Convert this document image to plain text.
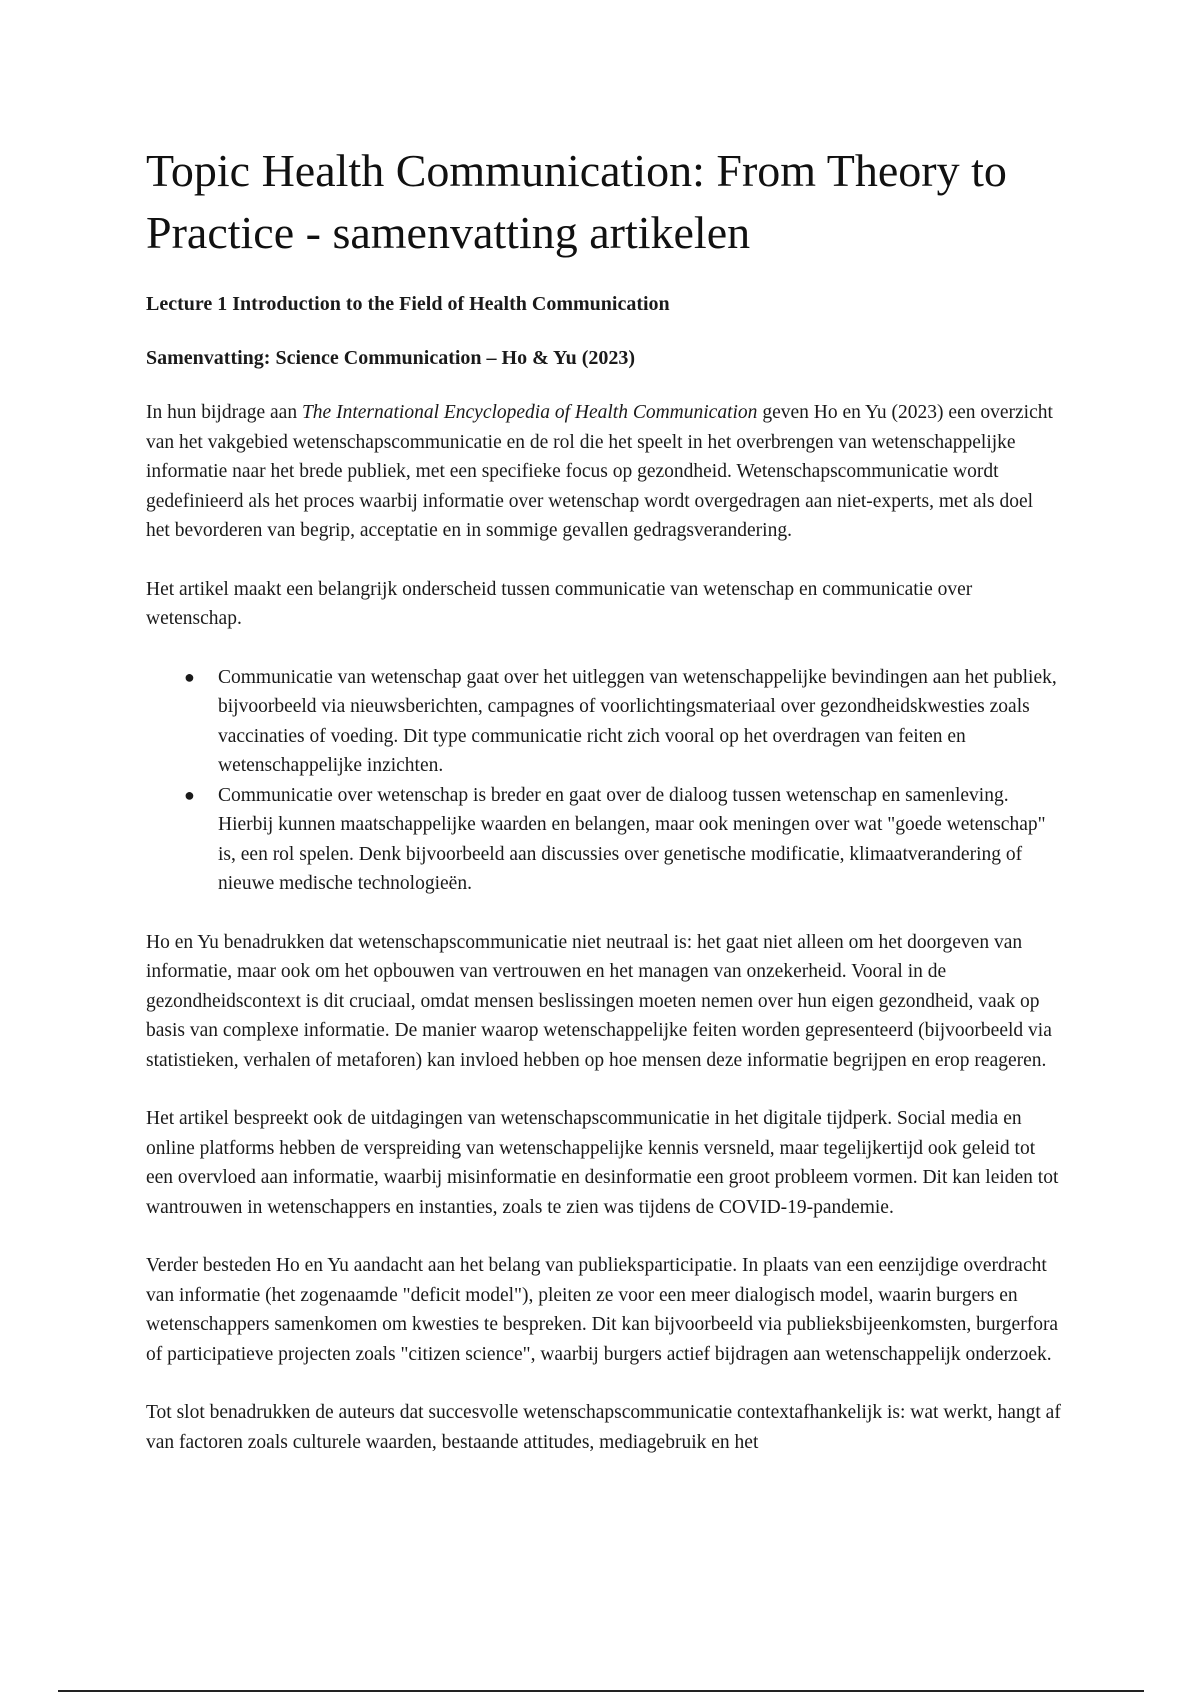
Topic Health Communication: From Theory to Practice - samenvatting artikelen
Lecture 1 Introduction to the Field of Health Communication
Samenvatting: Science Communication – Ho & Yu (2023)

In hun bijdrage aan The International Encyclopedia of Health Communication geven Ho en Yu (2023) een overzicht van het vakgebied wetenschapscommunicatie en de rol die het speelt in het overbrengen van wetenschappelijke informatie naar het brede publiek, met een specifieke focus op gezondheid. Wetenschapscommunicatie wordt gedefinieerd als het proces waarbij informatie over wetenschap wordt overgedragen aan niet-experts, met als doel het bevorderen van begrip, acceptatie en in sommige gevallen gedragsverandering.

Het artikel maakt een belangrijk onderscheid tussen communicatie van wetenschap en communicatie over wetenschap.

● Communicatie van wetenschap gaat over het uitleggen van wetenschappelijke bevindingen aan het publiek, bijvoorbeeld via nieuwsberichten, campagnes of voorlichtingsmateriaal over gezondheidskwesties zoals vaccinaties of voeding. Dit type communicatie richt zich vooral op het overdragen van feiten en wetenschappelijke inzichten.
● Communicatie over wetenschap is breder en gaat over de dialoog tussen wetenschap en samenleving. Hierbij kunnen maatschappelijke waarden en belangen, maar ook meningen over wat "goede wetenschap" is, een rol spelen. Denk bijvoorbeeld aan discussies over genetische modificatie, klimaatverandering of nieuwe medische technologieën.

Ho en Yu benadrukken dat wetenschapscommunicatie niet neutraal is: het gaat niet alleen om het doorgeven van informatie, maar ook om het opbouwen van vertrouwen en het managen van onzekerheid. Vooral in de gezondheidscontext is dit cruciaal, omdat mensen beslissingen moeten nemen over hun eigen gezondheid, vaak op basis van complexe informatie. De manier waarop wetenschappelijke feiten worden gepresenteerd (bijvoorbeeld via statistieken, verhalen of metaforen) kan invloed hebben op hoe mensen deze informatie begrijpen en erop reageren.

Het artikel bespreekt ook de uitdagingen van wetenschapscommunicatie in het digitale tijdperk. Social media en online platforms hebben de verspreiding van wetenschappelijke kennis versneld, maar tegelijkertijd ook geleid tot een overvloed aan informatie, waarbij misinformatie en desinformatie een groot probleem vormen. Dit kan leiden tot wantrouwen in wetenschappers en instanties, zoals te zien was tijdens de COVID-19-pandemie.

Verder besteden Ho en Yu aandacht aan het belang van publieksparticipatie. In plaats van een eenzijdige overdracht van informatie (het zogenaamde "deficit model"), pleiten ze voor een meer dialogisch model, waarin burgers en wetenschappers samenkomen om kwesties te bespreken. Dit kan bijvoorbeeld via publieksbijeenkomsten, burgerfora of participatieve projecten zoals "citizen science", waarbij burgers actief bijdragen aan wetenschappelijk onderzoek.

Tot slot benadrukken de auteurs dat succesvolle wetenschapscommunicatie contextafhankelijk is: wat werkt, hangt af van factoren zoals culturele waarden, bestaande attitudes, mediagebruik en het
